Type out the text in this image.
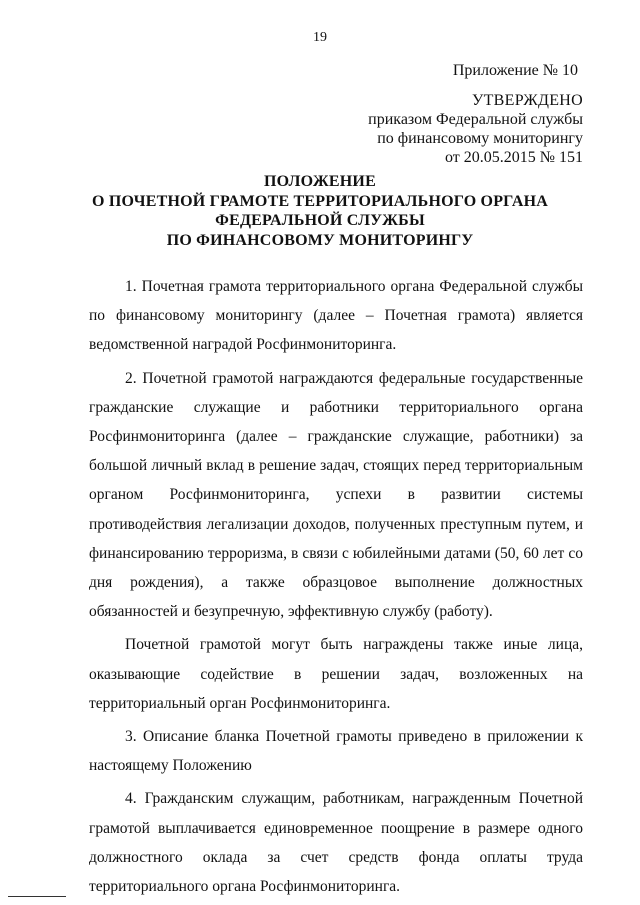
19
Приложение № 10
УТВЕРЖДЕНО
приказом Федеральной службы
по финансовому мониторингу
от 20.05.2015 № 151
ПОЛОЖЕНИЕ
О ПОЧЕТНОЙ ГРАМОТЕ ТЕРРИТОРИАЛЬНОГО ОРГАНА
ФЕДЕРАЛЬНОЙ СЛУЖБЫ
ПО ФИНАНСОВОМУ МОНИТОРИНГУ

1. Почетная грамота территориального органа Федеральной службы по финансовому мониторингу (далее – Почетная грамота) является ведомственной наградой Росфинмониторинга.

2. Почетной грамотой награждаются федеральные государственные гражданские служащие и работники территориального органа Росфинмониторинга (далее – гражданские служащие, работники) за большой личный вклад в решение задач, стоящих перед территориальным органом Росфинмониторинга, успехи в развитии системы противодействия легализации доходов, полученных преступным путем, и финансированию терроризма, в связи с юбилейными датами (50, 60 лет со дня рождения), а также образцовое выполнение должностных обязанностей и безупречную, эффективную службу (работу).

Почетной грамотой могут быть награждены также иные лица, оказывающие содействие в решении задач, возложенных на территориальный орган Росфинмониторинга.

3. Описание бланка Почетной грамоты приведено в приложении к настоящему Положению

4. Гражданским служащим, работникам, награжденным Почетной грамотой выплачивается единовременное поощрение в размере одного должностного оклада за счет средств фонда оплаты труда территориального органа Росфинмониторинга.
